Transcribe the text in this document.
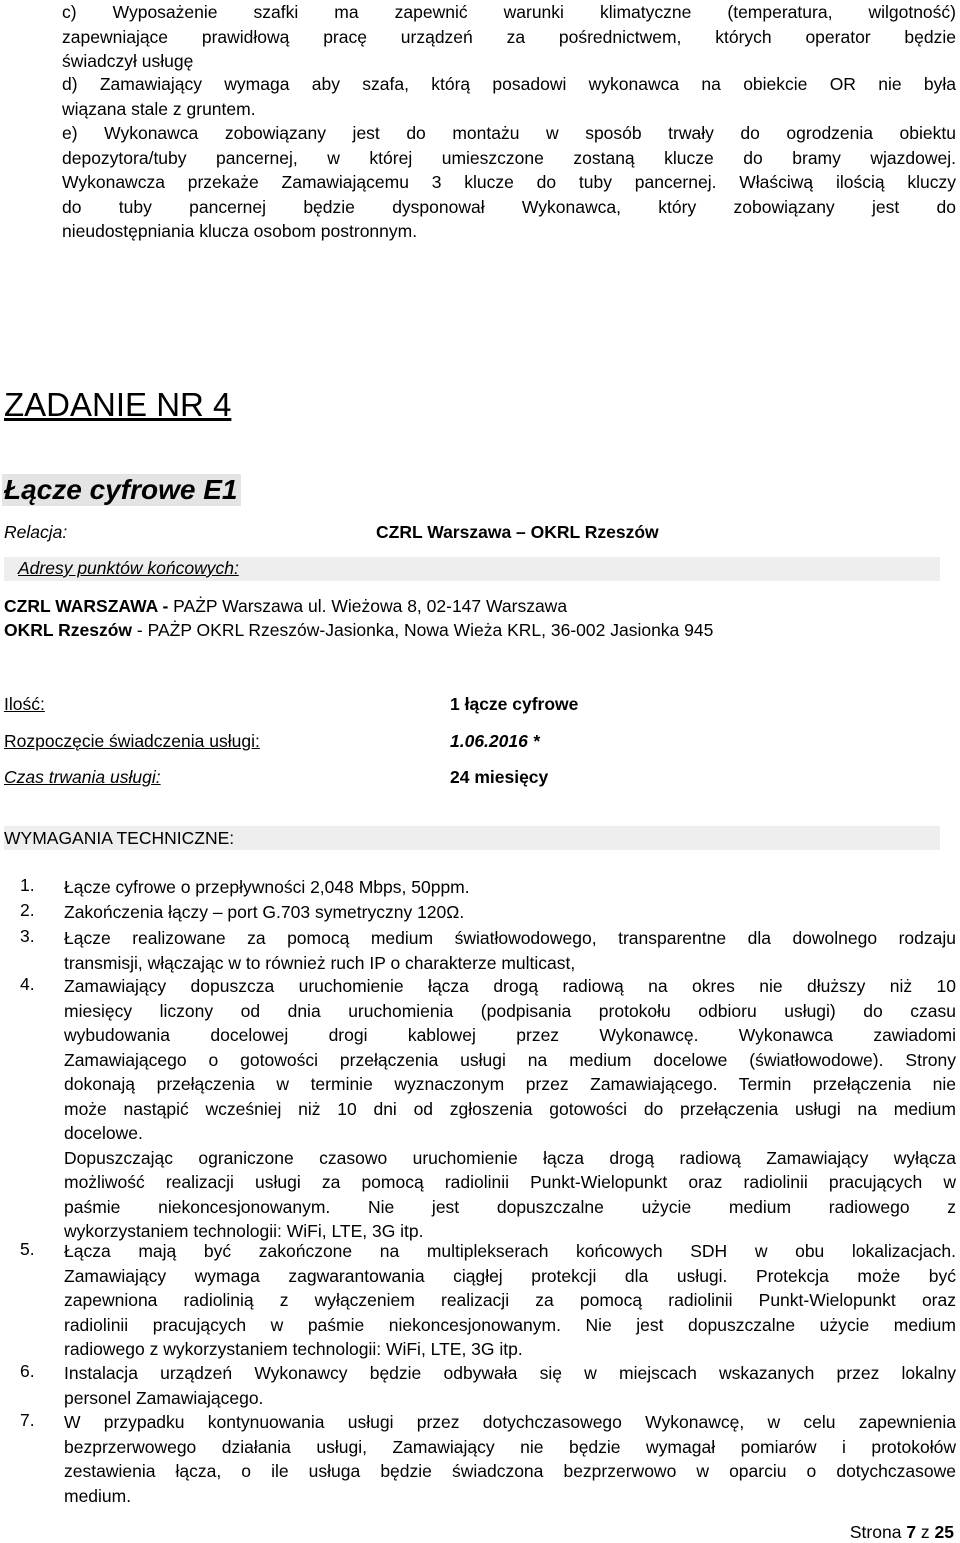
c) Wyposażenie szafki ma zapewnić warunki klimatyczne (temperatura, wilgotność)
zapewniające prawidłową pracę urządzeń za pośrednictwem, których operator będzie
świadczył usługę
d) Zamawiający wymaga aby szafa, którą posadowi wykonawca na obiekcie OR nie była
wiązana stale z gruntem.
e) Wykonawca zobowiązany jest do montażu w sposób trwały do ogrodzenia obiektu
depozytora/tuby pancernej, w której umieszczone zostaną klucze do bramy wjazdowej.
Wykonawcza przekaże Zamawiającemu 3 klucze do tuby pancernej. Właściwą ilością kluczy
do tuby pancernej będzie dysponował Wykonawca, który zobowiązany jest do
nieudostępniania klucza osobom postronnym.
ZADANIE NR 4
Łącze cyfrowe E1
Relacja:	CZRL Warszawa – OKRL Rzeszów
Adresy punktów końcowych:
CZRL WARSZAWA - PAŻP Warszawa ul. Wieżowa 8, 02-147 Warszawa
OKRL Rzeszów - PAŻP OKRL Rzeszów-Jasionka, Nowa Wieża KRL, 36-002 Jasionka 945
Ilość:	1 łącze cyfrowe
Rozpoczęcie świadczenia usługi:	1.06.2016 *
Czas trwania usługi:	24 miesięcy
WYMAGANIA TECHNICZNE:
1.	Łącze cyfrowe o przepływności 2,048 Mbps, 50ppm.
2.	Zakończenia łączy – port G.703 symetryczny 120Ω.
3.	Łącze realizowane za pomocą medium światłowodowego, transparentne dla dowolnego rodzaju
transmisji, włączając w to również ruch IP o charakterze multicast,
4.	Zamawiający dopuszcza uruchomienie łącza drogą radiową na okres nie dłuższy niż 10
miesięcy liczony od dnia uruchomienia (podpisania protokołu odbioru usługi) do czasu
wybudowania docelowej drogi kablowej przez Wykonawcę. Wykonawca zawiadomi
Zamawiającego o gotowości przełączenia usługi na medium docelowe (światłowodowe). Strony
dokonają przełączenia w terminie wyznaczonym przez Zamawiającego. Termin przełączenia nie
może nastąpić wcześniej niż 10 dni od zgłoszenia gotowości do przełączenia usługi na medium
docelowe.
Dopuszczając ograniczone czasowo uruchomienie łącza drogą radiową Zamawiający wyłącza
możliwość realizacji usługi za pomocą radiolinii Punkt-Wielopunkt oraz radiolinii pracujących w
paśmie niekoncesjonowanym. Nie jest dopuszczalne użycie medium radiowego z
wykorzystaniem technologii: WiFi, LTE, 3G itp.
5.	Łącza mają być zakończone na multiplekserach końcowych SDH w obu lokalizacjach.
Zamawiający wymaga zagwarantowania ciągłej protekcji dla usługi. Protekcja może być
zapewniona radiolinią z wyłączeniem realizacji za pomocą radiolinii Punkt-Wielopunkt oraz
radiolinii pracujących w paśmie niekoncesjonowanym. Nie jest dopuszczalne użycie medium
radiowego z wykorzystaniem technologii: WiFi, LTE, 3G itp.
6.	Instalacja urządzeń Wykonawcy będzie odbywała się w miejscach wskazanych przez lokalny
personel Zamawiającego.
7.	W przypadku kontynuowania usługi przez dotychczasowego Wykonawcę, w celu zapewnienia
bezprzerwowego działania usługi, Zamawiający nie będzie wymagał pomiarów i protokołów
zestawienia łącza, o ile usługa będzie świadczona bezprzerwowo w oparciu o dotychczasowe
medium.
Strona 7 z 25
